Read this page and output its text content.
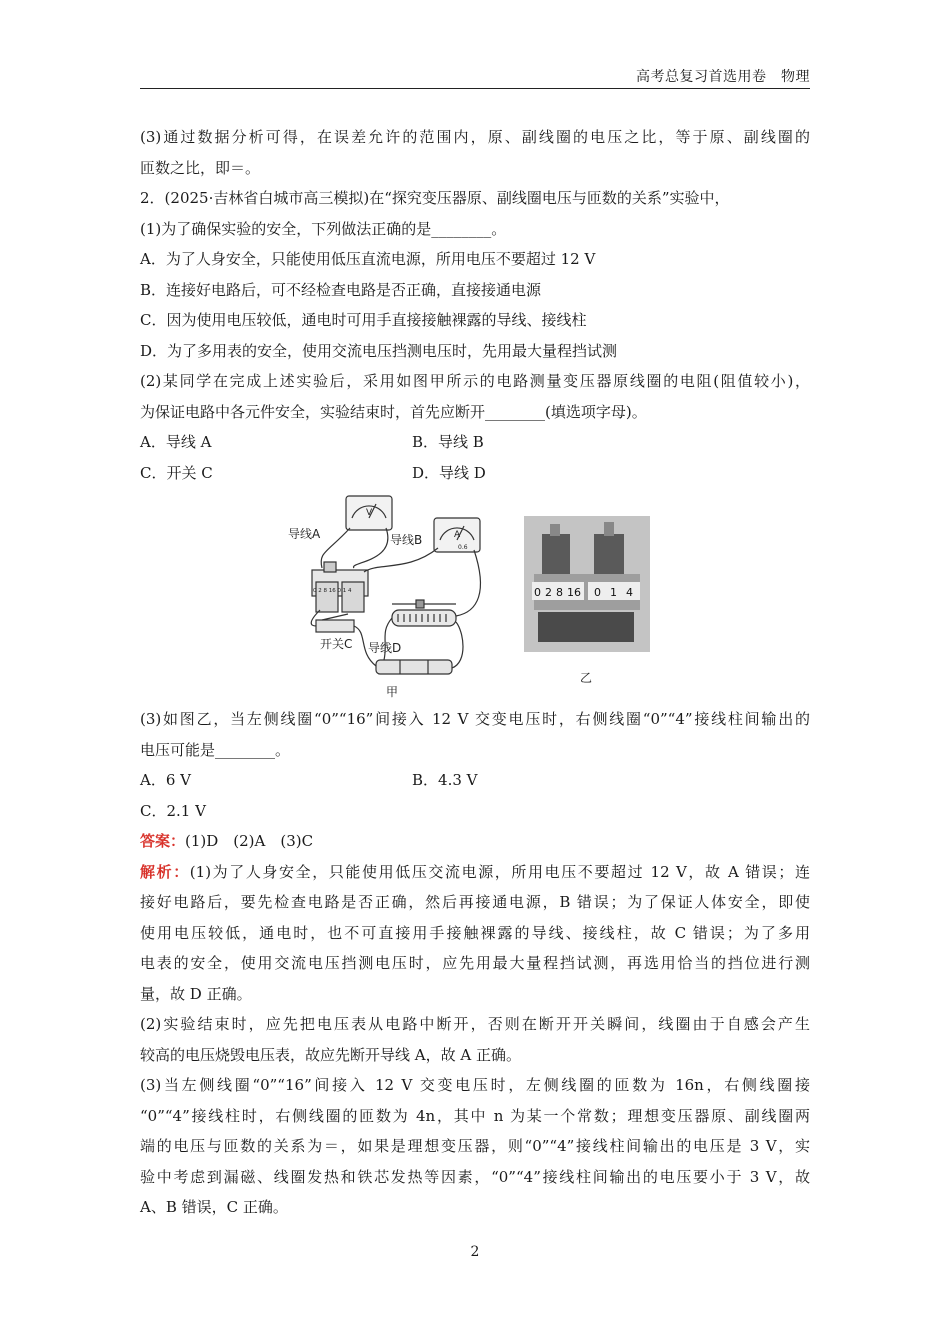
高考总复习首选用卷　物理
(3)通过数据分析可得，在误差允许的范围内，原、副线圈的电压之比，等于原、副线圈的
匝数之比，即＝。
2．(2025·吉林省白城市高三模拟)在“探究变压器原、副线圈电压与匝数的关系”实验中，
(1)为了确保实验的安全，下列做法正确的是________。
A．为了人身安全，只能使用低压直流电源，所用电压不要超过 12 V
B．连接好电路后，可不经检查电路是否正确，直接接通电源
C．因为使用电压较低，通电时可用手直接接触裸露的导线、接线柱
D．为了多用表的安全，使用交流电压挡测电压时，先用最大量程挡试测
(2)某同学在完成上述实验后，采用如图甲所示的电路测量变压器原线圈的电阻(阻值较小)，
为保证电路中各元件安全，实验结束时，首先应断开________(填选项字母)。
A．导线 A	B．导线 B
C．开关 C	D．导线 D
V
A
0.6
0 2 8 16 0 1 4
导线A	导线B
开关C 导线D
甲
0 2 8 16 0 1 4
乙
(3)如图乙，当左侧线圈“0”“16”间接入 12 V 交变电压时，右侧线圈“0”“4”接线柱间输出的
电压可能是________。
A．6 V	B．4.3 V
C．2.1 V
答案：(1)D　(2)A　(3)C
解析：(1)为了人身安全，只能使用低压交流电源，所用电压不要超过 12 V，故 A 错误；连
接好电路后，要先检查电路是否正确，然后再接通电源，B 错误；为了保证人体安全，即使
使用电压较低，通电时，也不可直接用手接触裸露的导线、接线柱，故 C 错误；为了多用
电表的安全，使用交流电压挡测电压时，应先用最大量程挡试测，再选用恰当的挡位进行测
量，故 D 正确。
(2)实验结束时，应先把电压表从电路中断开，否则在断开开关瞬间，线圈由于自感会产生
较高的电压烧毁电压表，故应先断开导线 A，故 A 正确。
(3)当左侧线圈“0”“16”间接入 12 V 交变电压时，左侧线圈的匝数为 16n，右侧线圈接
“0”“4”接线柱时，右侧线圈的匝数为 4n，其中 n 为某一个常数；理想变压器原、副线圈两
端的电压与匝数的关系为＝，如果是理想变压器，则“0”“4”接线柱间输出的电压是 3 V，实
验中考虑到漏磁、线圈发热和铁芯发热等因素，“0”“4”接线柱间输出的电压要小于 3 V，故
A、B 错误，C 正确。
2
